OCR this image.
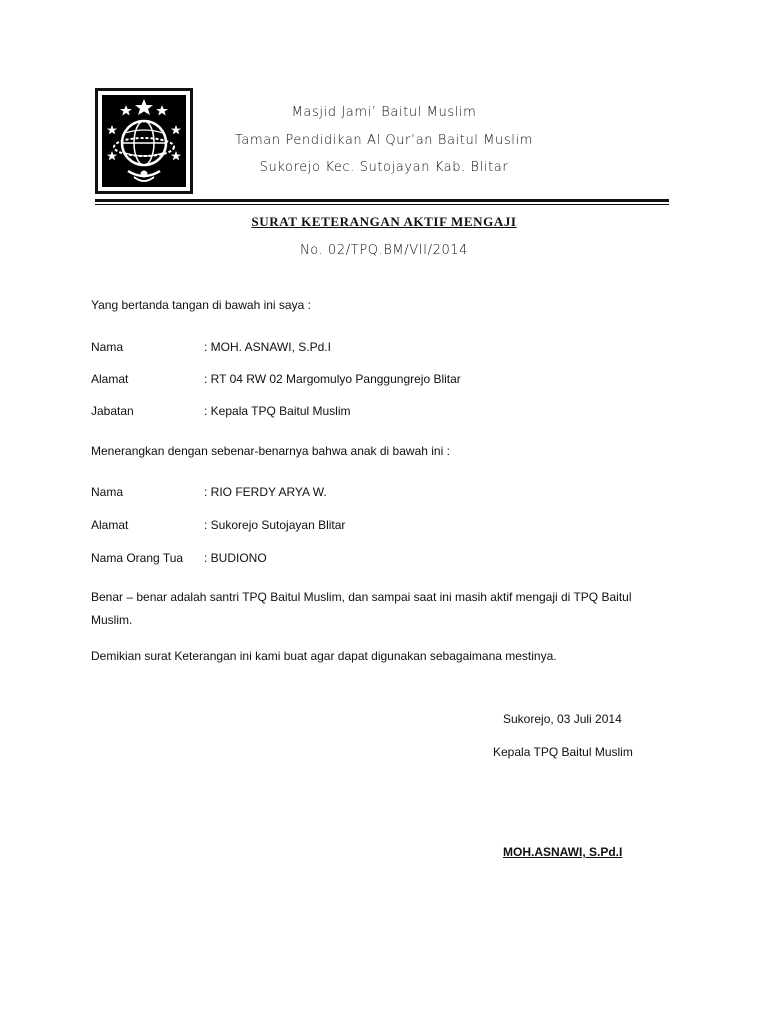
Masjid Jami’ Baitul Muslim
Taman Pendidikan Al Qur’an Baitul Muslim
Sukorejo Kec. Sutojayan Kab. Blitar
SURAT KETERANGAN AKTIF MENGAJI
No. 02/TPQ.BM/VII/2014
Yang bertanda tangan di bawah ini saya :
Nama	: MOH. ASNAWI, S.Pd.I
Alamat	: RT 04 RW 02 Margomulyo Panggungrejo Blitar
Jabatan	: Kepala TPQ Baitul Muslim
Menerangkan dengan sebenar-benarnya bahwa anak di bawah ini :
Nama	: RIO FERDY ARYA W.
Alamat	: Sukorejo Sutojayan Blitar
Nama Orang Tua : BUDIONO
Benar – benar adalah santri TPQ Baitul Muslim, dan sampai saat ini masih aktif mengaji di TPQ Baitul Muslim.
Demikian surat Keterangan ini kami buat agar dapat digunakan sebagaimana mestinya.
Sukorejo, 03 Juli 2014
Kepala TPQ Baitul Muslim
MOH.ASNAWI, S.Pd.I
